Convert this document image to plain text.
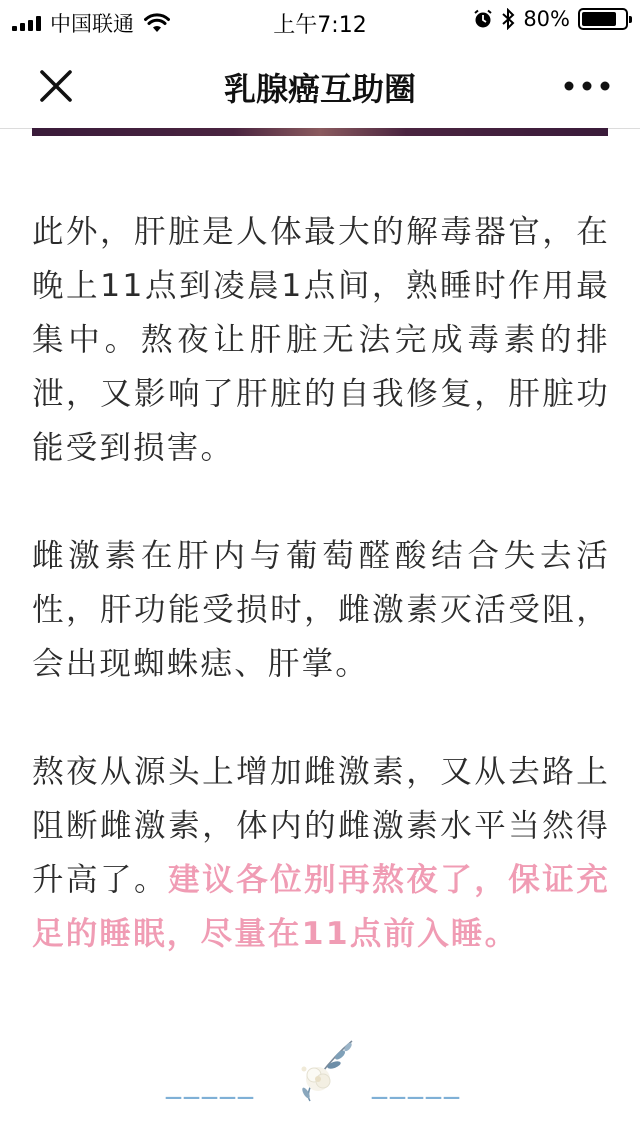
中国联通	上午7:12	80%
乳腺癌互助圈

此外，肝脏是人体最大的解毒器官，在晚上11点到凌晨1点间，熟睡时作用最集中。熬夜让肝脏无法完成毒素的排泄，又影响了肝脏的自我修复，肝脏功能受到损害。

雌激素在肝内与葡萄醛酸结合失去活性，肝功能受损时，雌激素灭活受阻，会出现蜘蛛痣、肝掌。

熬夜从源头上增加雌激素，又从去路上阻断雌激素，体内的雌激素水平当然得升高了。建议各位别再熬夜了，保证充足的睡眠，尽量在11点前入睡。

_____	_____
